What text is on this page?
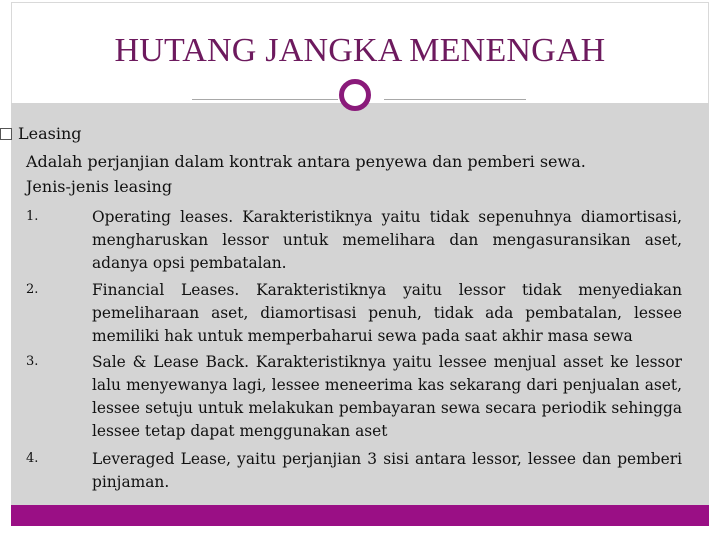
HUTANG JANGKA MENENGAH
Leasing
Adalah perjanjian dalam kontrak antara penyewa dan pemberi sewa.
Jenis-jenis leasing
1.	Operating leases. Karakteristiknya yaitu tidak sepenuhnya diamortisasi, mengharuskan lessor untuk memelihara dan mengasuransikan aset, adanya opsi pembatalan.
2.	Financial Leases. Karakteristiknya yaitu lessor tidak menyediakan pemeliharaan aset, diamortisasi penuh, tidak ada pembatalan, lessee memiliki hak untuk memperbaharui sewa pada saat akhir masa sewa
3.	Sale & Lease Back. Karakteristiknya yaitu lessee menjual asset ke lessor lalu menyewanya lagi, lessee meneerima kas sekarang dari penjualan aset, lessee setuju untuk melakukan pembayaran sewa secara periodik sehingga lessee tetap dapat menggunakan aset
4.	Leveraged Lease, yaitu perjanjian 3 sisi antara lessor, lessee dan pemberi pinjaman.
